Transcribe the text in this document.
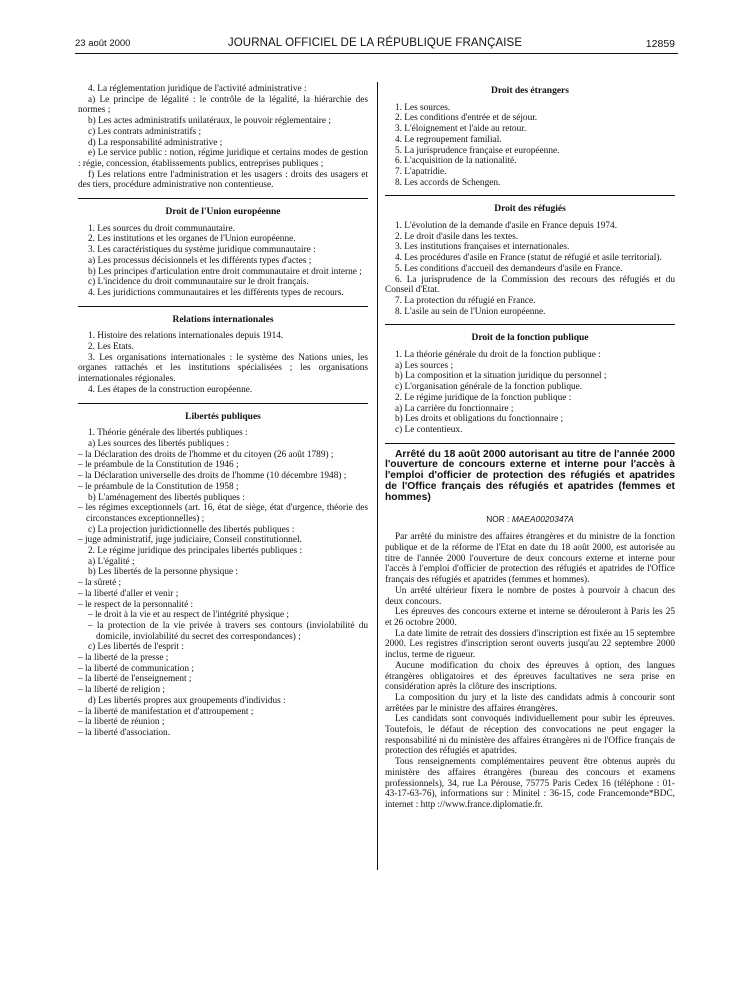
23 août 2000	JOURNAL OFFICIEL DE LA RÉPUBLIQUE FRANÇAISE	12859

4. La réglementation juridique de l'activité administrative :

a) Le principe de légalité : le contrôle de la légalité, la hiérarchie des normes ;

b) Les actes administratifs unilatéraux, le pouvoir réglementaire ;

c) Les contrats administratifs ;

d) La responsabilité administrative ;

e) Le service public : notion, régime juridique et certains modes de gestion : régie, concession, établissements publics, entreprises publiques ;

f) Les relations entre l'administration et les usagers : droits des usagers et des tiers, procédure administrative non contentieuse.

Droit de l'Union européenne

1. Les sources du droit communautaire.

2. Les institutions et les organes de l'Union européenne.

3. Les caractéristiques du système juridique communautaire :

a) Les processus décisionnels et les différents types d'actes ;

b) Les principes d'articulation entre droit communautaire et droit interne ;

c) L'incidence du droit communautaire sur le droit français.

4. Les juridictions communautaires et les différents types de recours.

Relations internationales

1. Histoire des relations internationales depuis 1914.

2. Les Etats.

3. Les organisations internationales : le système des Nations unies, les organes rattachés et les institutions spécialisées ; les organisations internationales régionales.

4. Les étapes de la construction européenne.

Libertés publiques

1. Théorie générale des libertés publiques :

a) Les sources des libertés publiques :

– la Déclaration des droits de l'homme et du citoyen (26 août 1789) ;

– le préambule de la Constitution de 1946 ;

– la Déclaration universelle des droits de l'homme (10 décembre 1948) ;

– le préambule de la Constitution de 1958 ;

b) L'aménagement des libertés publiques :

– les régimes exceptionnels (art. 16, état de siège, état d'urgence, théorie des circonstances exceptionnelles) ;

c) La projection juridictionnelle des libertés publiques :

– juge administratif, juge judiciaire, Conseil constitutionnel.

2. Le régime juridique des principales libertés publiques :

a) L'égalité ;

b) Les libertés de la personne physique :

– la sûreté ;

– la liberté d'aller et venir ;

– le respect de la personnalité :

– le droit à la vie et au respect de l'intégrité physique ;

– la protection de la vie privée à travers ses contours (inviolabilité du domicile, inviolabilité du secret des correspondances) ;

c) Les libertés de l'esprit :

– la liberté de la presse ;

– la liberté de communication ;

– la liberté de l'enseignement ;

– la liberté de religion ;

d) Les libertés propres aux groupements d'individus :

– la liberté de manifestation et d'attroupement ;

– la liberté de réunion ;

– la liberté d'association.

Droit des étrangers

1. Les sources.

2. Les conditions d'entrée et de séjour.

3. L'éloignement et l'aide au retour.

4. Le regroupement familial.

5. La jurisprudence française et européenne.

6. L'acquisition de la nationalité.

7. L'apatridie.

8. Les accords de Schengen.

Droit des réfugiés

1. L'évolution de la demande d'asile en France depuis 1974.

2. Le droit d'asile dans les textes.

3. Les institutions françaises et internationales.

4. Les procédures d'asile en France (statut de réfugié et asile territorial).

5. Les conditions d'accueil des demandeurs d'asile en France.

6. La jurisprudence de la Commission des recours des réfugiés et du Conseil d'Etat.

7. La protection du réfugié en France.

8. L'asile au sein de l'Union européenne.

Droit de la fonction publique

1. La théorie générale du droit de la fonction publique :

a) Les sources ;

b) La composition et la situation juridique du personnel ;

c) L'organisation générale de la fonction publique.

2. Le régime juridique de la fonction publique :

a) La carrière du fonctionnaire ;

b) Les droits et obligations du fonctionnaire ;

c) Le contentieux.

Arrêté du 18 août 2000 autorisant au titre de l'année 2000 l'ouverture de concours externe et interne pour l'accès à l'emploi d'officier de protection des réfugiés et apatrides de l'Office français des réfugiés et apatrides (femmes et hommes)
NOR : MAEA0020347A

Par arrêté du ministre des affaires étrangères et du ministre de la fonction publique et de la réforme de l'Etat en date du 18 août 2000, est autorisée au titre de l'année 2000 l'ouverture de deux concours externe et interne pour l'accès à l'emploi d'officier de protection des réfugiés et apatrides de l'Office français des réfugiés et apatrides (femmes et hommes).

Un arrêté ultérieur fixera le nombre de postes à pourvoir à chacun des deux concours.

Les épreuves des concours externe et interne se dérouleront à Paris les 25 et 26 octobre 2000.

La date limite de retrait des dossiers d'inscription est fixée au 15 septembre 2000. Les registres d'inscription seront ouverts jusqu'au 22 septembre 2000 inclus, terme de rigueur.

Aucune modification du choix des épreuves à option, des langues étrangères obligatoires et des épreuves facultatives ne sera prise en considération après la clôture des inscriptions.

La composition du jury et la liste des candidats admis à concourir sont arrêtées par le ministre des affaires étrangères.

Les candidats sont convoqués individuellement pour subir les épreuves. Toutefois, le défaut de réception des convocations ne peut engager la responsabilité ni du ministère des affaires étrangères ni de l'Office français de protection des réfugiés et apatrides.

Tous renseignements complémentaires peuvent être obtenus auprès du ministère des affaires étrangères (bureau des concours et examens professionnels), 34, rue La Pérouse, 75775 Paris Cedex 16 (téléphone : 01-43-17-63-76), informations sur : Minitel : 36-15, code Francemonde*BDC, internet : http ://www.france.diplomatie.fr.
